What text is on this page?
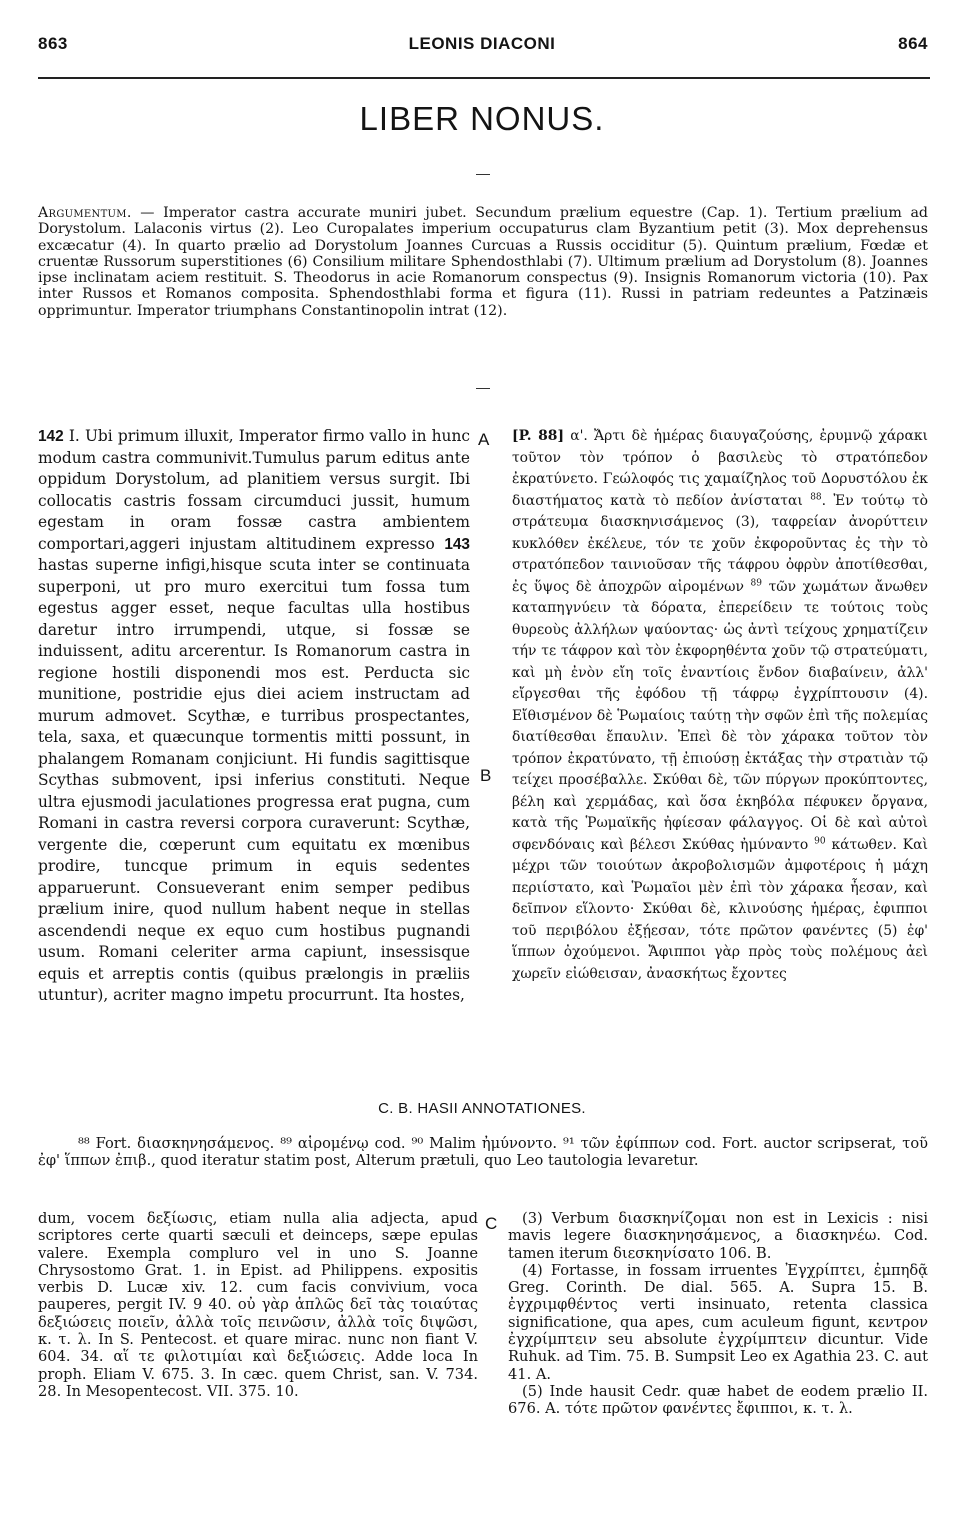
863	LEONIS DIACONI	864
LIBER NONUS.
Argumentum. — Imperator castra accurate muniri jubet. Secundum prælium equestre (Cap. 1). Tertium prælium ad Dorystolum. Lalaconis virtus (2). Leo Curopalates imperium occupaturus clam Byzantium petit (3). Mox deprehensus excæcatur (4). In quarto prælio ad Dorystolum Joannes Curcuas a Russis occiditur (5). Quintum prælium, Fœdæ et cruentæ Russorum superstitiones (6) Consilium militare Sphendosthlabi (7). Ultimum prælium ad Dorystolum (8). Joannes ipse inclinatam aciem restituit. S. Theodorus in acie Romanorum conspectus (9). Insignis Romanorum victoria (10). Pax inter Russos et Romanos composita. Sphendosthlabi forma et figura (11). Russi in patriam redeuntes a Patzinæis opprimuntur. Imperator triumphans Constantinopolin intrat (12).
142 I. Ubi primum illuxit, Imperator firmo vallo in hunc modum castra communivit.Tumulus parum editus ante oppidum Dorystolum, ad planitiem versus surgit. Ibi collocatis castris fossam circumduci jussit, humum egestam in oram fossæ castra ambientem comportari,aggeri injustam altitudinem expresso 143 hastas superne infigi,hisque scuta inter se continuata superponi, ut pro muro exercitui tum fossa tum egestus agger esset, neque facultas ulla hostibus daretur intro irrumpendi, utque, si fossæ se induissent, aditu arcerentur. Is Romanorum castra in regione hostili disponendi mos est. Perducta sic munitione, postridie ejus diei aciem instructam ad murum admovet. Scythæ, e turribus prospectantes, tela, saxa, et quæcunque tormentis mitti possunt, in phalangem Romanam conjiciunt. Hi fundis sagittisque Scythas submovent, ipsi inferius constituti. Neque ultra ejusmodi jaculationes progressa erat pugna, cum Romani in castra reversi corpora curaverunt: Scythæ, vergente die, cœperunt cum equitatu ex mœnibus prodire, tuncque primum in equis sedentes apparuerunt. Consueverant enim semper pedibus prælium inire, quod nullum habent neque in stellas ascendendi neque ex equo cum hostibus pugnandi usum. Romani celeriter arma capiunt, insessisque equis et arreptis contis (quibus prælongis in præliis utuntur), acriter magno impetu procurrunt. Ita hostes,
A
B
[P. 88] α'. Ἄρτι δὲ ἡμέρας διαυγαζούσης, ἐρυμνῷ χάρακι τοῦτον τὸν τρόπον ὁ βασιλεὺς τὸ στρατόπεδον ἐκρατύνετο. Γεώλοφός τις χαμαίζηλος τοῦ Δορυστόλου ἐκ διαστήματος κατὰ τὸ πεδίον ἀνίσταται $^{88}$. Ἐν τούτῳ τὸ στράτευμα διασκηνισάμενος (3), ταφρείαν ἀνορύττειν κυκλόθεν ἐκέλευε, τόν τε χοῦν ἐκφοροῦντας ἐς τὴν τὸ στρατόπεδον ταινιοῦσαν τῆς τάφρου ὀφρὺν ἀποτίθεσθαι, ἐς ὕψος δὲ ἀποχρῶν αἰρομένων $^{89}$ τῶν χωμάτων ἄνωθεν καταπηγνύειν τὰ δόρατα, ἐπερείδειν τε τούτοις τοὺς θυρεοὺς ἀλλήλων ψαύοντας· ὡς ἀντὶ τείχους χρηματίζειν τήν τε τάφρον καὶ τὸν ἐκφορηθέντα χοῦν τῷ στρατεύματι, καὶ μὴ ἐνὸν εἴη τοῖς ἐναντίοις ἔνδον διαβαίνειν, ἀλλ' εἴργεσθαι τῆς ἐφόδου τῇ τάφρῳ ἐγχρίπτουσιν (4). Εἴθισμένον δὲ Ῥωμαίοις ταύτῃ τὴν σφῶν ἐπὶ τῆς πολεμίας διατίθεσθαι ἔπαυλιν. Ἐπεὶ δὲ τὸν χάρακα τοῦτον τὸν τρόπον ἐκρατύνατο, τῇ ἐπιούσῃ ἐκτάξας τὴν στρατιὰν τῷ τείχει προσέβαλλε. Σκύθαι δὲ, τῶν πύργων προκύπτοντες, βέλη καὶ χερμάδας, καὶ ὅσα ἑκηβόλα πέφυκεν ὄργανα, κατὰ τῆς Ῥωμαϊκῆς ἠφίεσαν φάλαγγος. Οἱ δὲ καὶ αὐτοὶ σφενδόναις καὶ βέλεσι Σκύθας ἠμύναντο $^{90}$ κάτωθεν. Καὶ μέχρι τῶν τοιούτων ἀκροβολισμῶν ἀμφοτέροις ἡ μάχη περιίστατο, καὶ Ῥωμαῖοι μὲν ἐπὶ τὸν χάρακα ἦεσαν, καὶ δεῖπνον εἵλοντο· Σκύθαι δὲ, κλινούσης ἡμέρας, ἐφιπποι τοῦ περιβόλου ἐξῄεσαν, τότε πρῶτον φανέντες (5) ἐφ' ἵππων ὀχούμενοι. Ἄφιπποι γὰρ πρὸς τοὺς πολέμους ἀεὶ χωρεῖν εἰώθεισαν, ἀνασκήτως ἔχοντες
C. B. HASII ANNOTATIONES.
⁸⁸ Fort. διασκηνησάμενος. ⁸⁹ αἱρομένῳ cod. ⁹⁰ Malim ἠμύνοντο. ⁹¹ τῶν ἐφίππων cod. Fort. auctor scripserat, τοῦ ἐφ' ἵππων ἐπιβ., quod iteratur statim post, Alterum prætuli, quo Leo tautologia levaretur.
dum, vocem δεξίωσις, etiam nulla alia adjecta, apud scriptores certe quarti sæculi et deinceps, sæpe epulas valere. Exempla compluro vel in uno S. Joanne Chrysostomo Grat. 1. in Epist. ad Philippens. expositis verbis D. Lucæ xiv. 12. cum facis convivium, voca pauperes, pergit IV. 9 40. οὐ γὰρ ἁπλῶς δεῖ τὰς τοιαύτας δεξιώσεις ποιεῖν, ἀλλὰ τοῖς πεινῶσιν, ἀλλὰ τοῖς διψῶσι, κ. τ. λ. In S. Pentecost. et quare mirac. nunc non fiant V. 604. 34. αἵ τε φιλοτιμίαι καὶ δεξιώσεις. Adde loca In proph. Eliam V. 675. 3. In cæc. quem Christ, san. V. 734. 28. In Mesopentecost. VII. 375. 10.
C	(3) Verbum διασκηνίζομαι non est in Lexicis : nisi mavis legere διασκηνησάμενος, a διασκηνέω. Cod. tamen iterum διεσκηνίσατο 106. B.

(4) Fortasse, in fossam irruentes Ἐγχρίπτει, ἐμπηδᾷ Greg. Corinth. De dial. 565. A. Supra 15. B. ἐγχριμφθέντος verti insinuato, retenta classica significatione, qua apes, cum aculeum figunt, κεντρον ἐγχρίμπτειν seu absolute ἐγχρίμπτειν dicuntur. Vide Ruhuk. ad Tim. 75. B. Sumpsit Leo ex Agathia 23. C. aut 41. A.

(5) Inde hausit Cedr. quæ habet de eodem prælio II. 676. A. τότε πρῶτον φανέντες ἔφιπποι, κ. τ. λ.
